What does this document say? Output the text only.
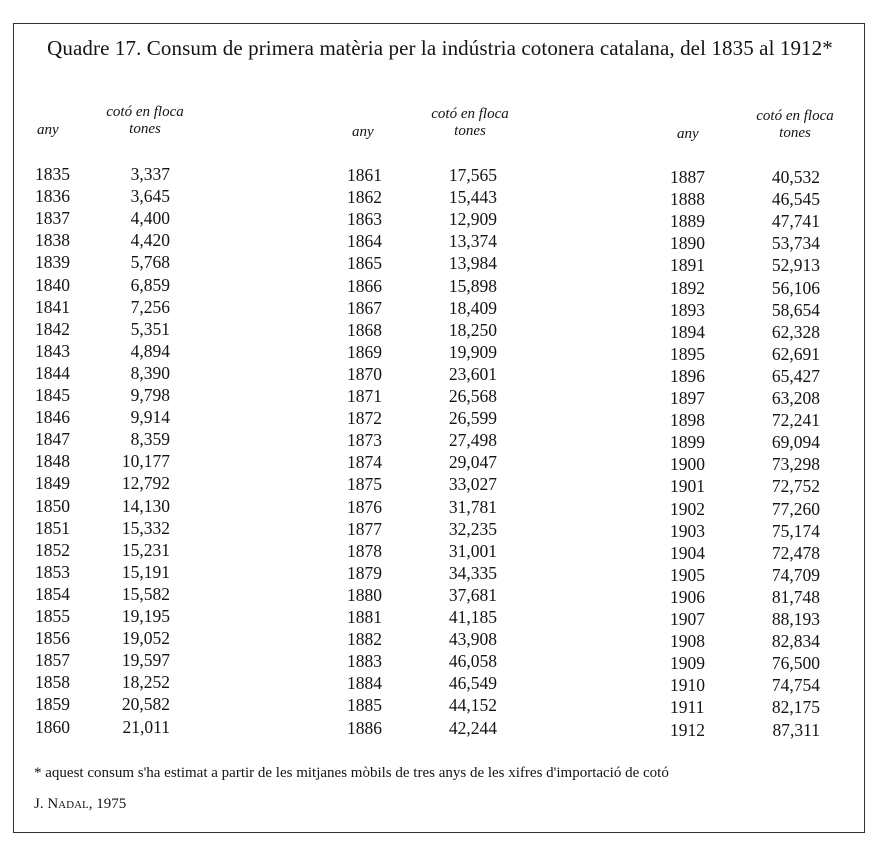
Quadre 17. Consum de primera matèria per la indústria cotonera catalana, del 1835 al 1912*
any
cotó en floca
tones	any
cotó en floca
tones	any
cotó en floca
tones
1835	3,337
1836	3,645
1837	4,400
1838	4,420
1839	5,768
1840	6,859
1841	7,256
1842	5,351
1843	4,894
1844	8,390
1845	9,798
1846	9,914
1847	8,359
1848	10,177
1849	12,792
1850	14,130
1851	15,332
1852	15,231
1853	15,191
1854	15,582
1855	19,195
1856	19,052
1857	19,597
1858	18,252
1859	20,582
1860	21,011
1861	17,565
1862	15,443
1863	12,909
1864	13,374
1865	13,984
1866	15,898
1867	18,409
1868	18,250
1869	19,909
1870	23,601
1871	26,568
1872	26,599
1873	27,498
1874	29,047
1875	33,027
1876	31,781
1877	32,235
1878	31,001
1879	34,335
1880	37,681
1881	41,185
1882	43,908
1883	46,058
1884	46,549
1885	44,152
1886	42,244
1887	40,532
1888	46,545
1889	47,741
1890	53,734
1891	52,913
1892	56,106
1893	58,654
1894	62,328
1895	62,691
1896	65,427
1897	63,208
1898	72,241
1899	69,094
1900	73,298
1901	72,752
1902	77,260
1903	75,174
1904	72,478
1905	74,709
1906	81,748
1907	88,193
1908	82,834
1909	76,500
1910	74,754
1911	82,175
1912	87,311
* aquest consum s'ha estimat a partir de les mitjanes mòbils de tres anys de les xifres d'importació de cotó
J. Nadal, 1975
